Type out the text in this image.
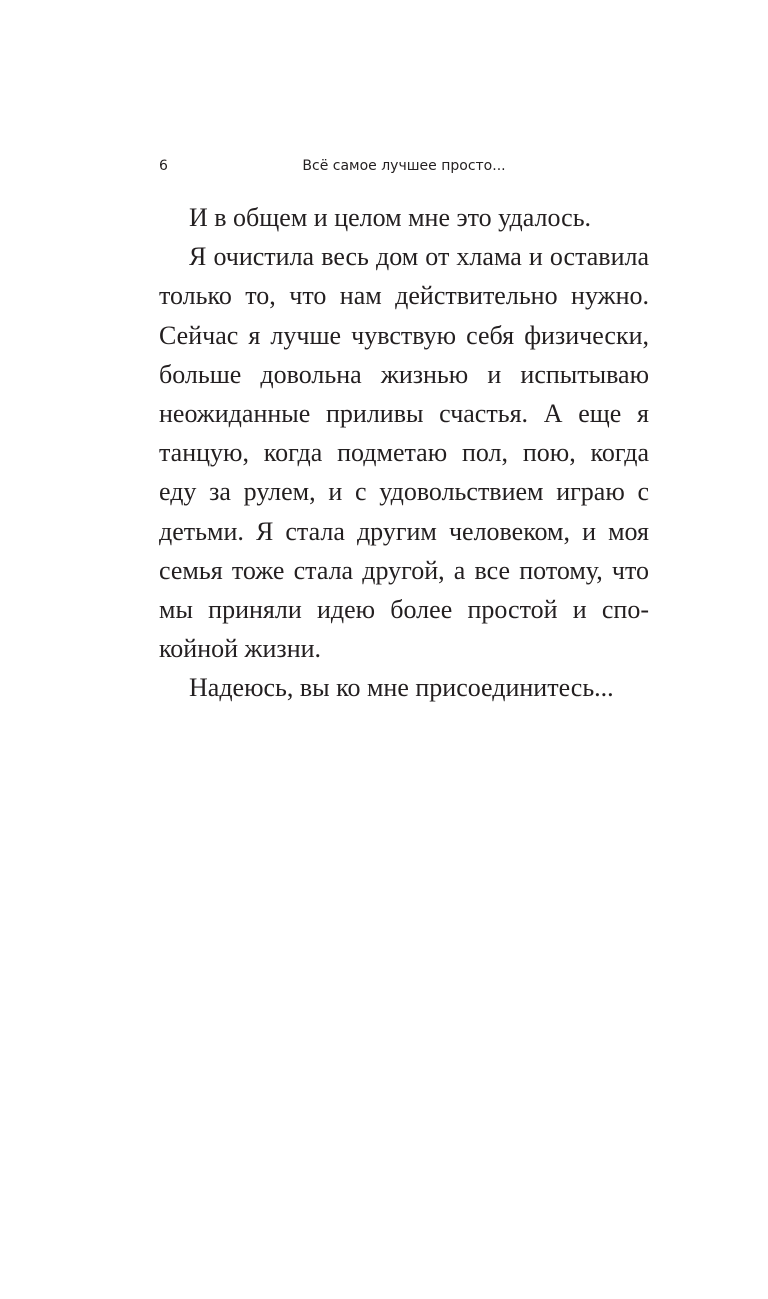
6	Всё самое лучшее просто...

И в общем и целом мне это удалось.

Я очистила весь дом от хлама и оставила только то, что нам действительно нужно. Сейчас я лучше чувствую себя физически, больше довольна жизнью и испытываю неожиданные приливы счастья. А еще я танцую, когда подметаю пол, пою, когда еду за рулем, и с удовольствием играю с детьми. Я стала другим человеком, и моя семья тоже стала другой, а все потому, что мы приняли идею более простой и спокойной жизни.

Надеюсь, вы ко мне присоединитесь...
